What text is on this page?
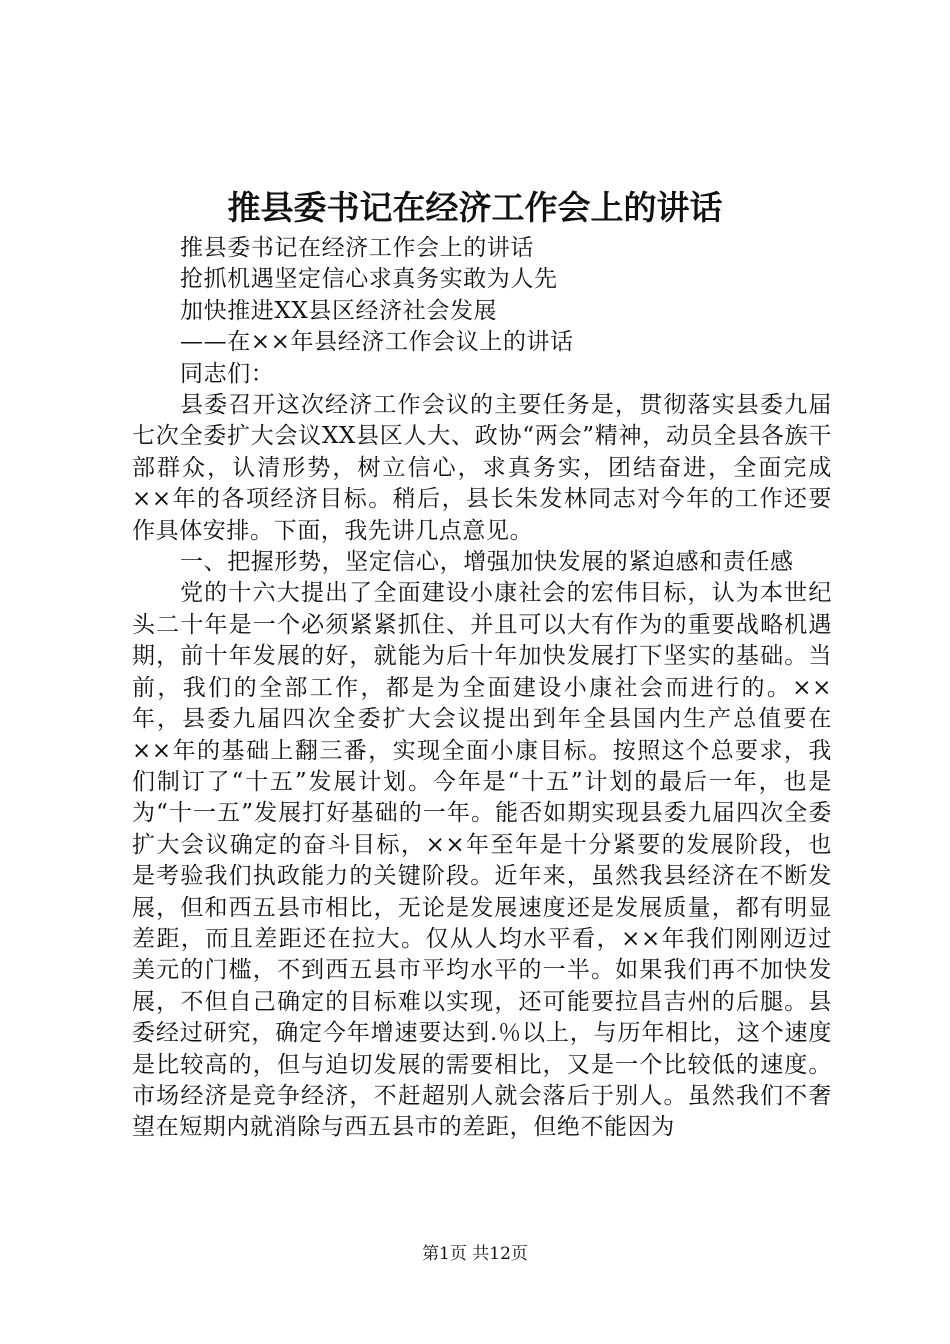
推县委书记在经济工作会上的讲话

推县委书记在经济工作会上的讲话

抢抓机遇坚定信心求真务实敢为人先

加快推进XX县区经济社会发展

——在××年县经济工作会议上的讲话

同志们：

县委召开这次经济工作会议的主要任务是，贯彻落实县委九届七次全委扩大会议XX县区人大、政协“两会”精神，动员全县各族干部群众，认清形势，树立信心，求真务实，团结奋进，全面完成××年的各项经济目标。稍后，县长朱发林同志对今年的工作还要作具体安排。下面，我先讲几点意见。

一、把握形势，坚定信心，增强加快发展的紧迫感和责任感

党的十六大提出了全面建设小康社会的宏伟目标，认为本世纪头二十年是一个必须紧紧抓住、并且可以大有作为的重要战略机遇期，前十年发展的好，就能为后十年加快发展打下坚实的基础。当前，我们的全部工作，都是为全面建设小康社会而进行的。××年，县委九届四次全委扩大会议提出到年全县国内生产总值要在××年的基础上翻三番，实现全面小康目标。按照这个总要求，我们制订了“十五”发展计划。今年是“十五”计划的最后一年，也是为“十一五”发展打好基础的一年。能否如期实现县委九届四次全委扩大会议确定的奋斗目标，××年至年是十分紧要的发展阶段，也是考验我们执政能力的关键阶段。近年来，虽然我县经济在不断发展，但和西五县市相比，无论是发展速度还是发展质量，都有明显差距，而且差距还在拉大。仅从人均水平看，××年我们刚刚迈过美元的门槛，不到西五县市平均水平的一半。如果我们再不加快发展，不但自己确定的目标难以实现，还可能要拉昌吉州的后腿。县委经过研究，确定今年增速要达到.％以上，与历年相比，这个速度是比较高的，但与迫切发展的需要相比，又是一个比较低的速度。市场经济是竞争经济，不赶超别人就会落后于别人。虽然我们不奢望在短期内就消除与西五县市的差距，但绝不能因为

第1页 共12页
